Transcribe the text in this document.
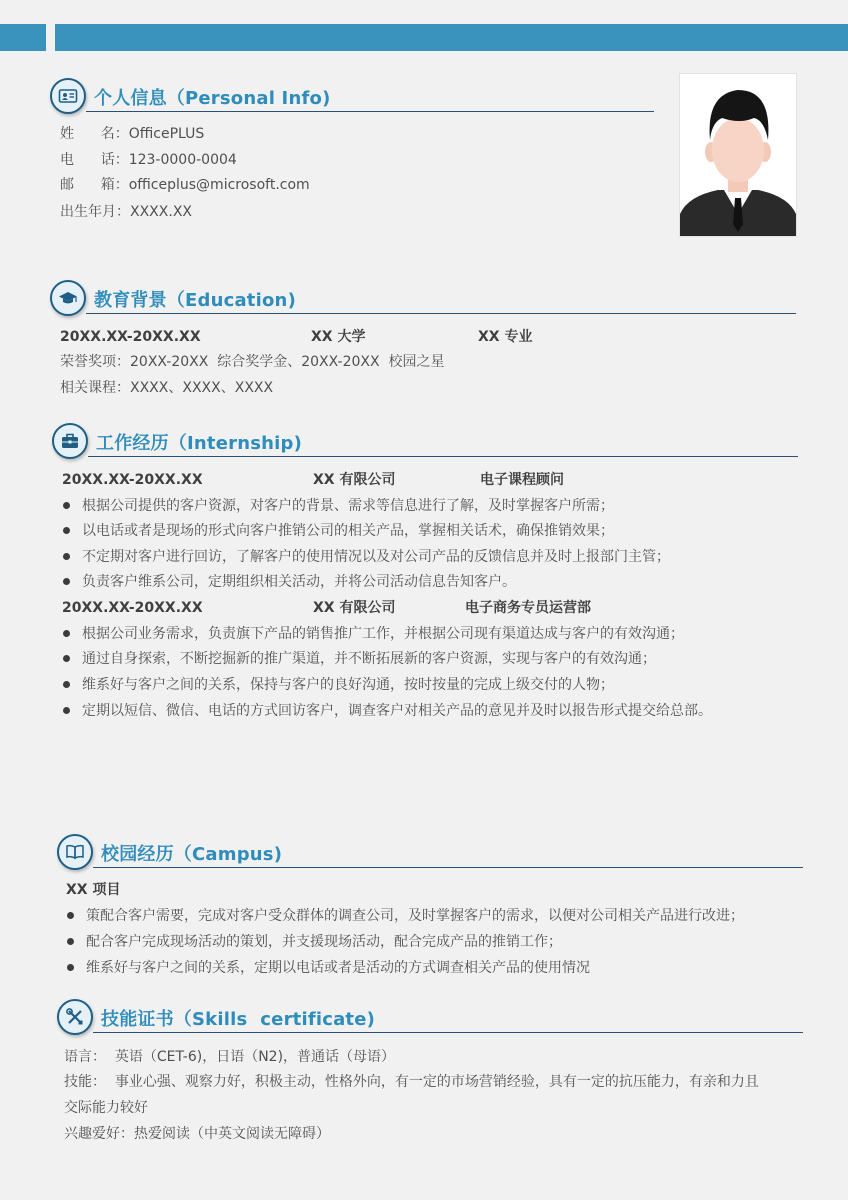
个人信息（Personal Info)
姓      名：OfficePLUS
电      话：123-0000-0004
邮      箱：officeplus@microsoft.com
出生年月：XXXX.XX
教育背景（Education)
20XX.XX-20XX.XX	XX 大学	XX 专业
荣誉奖项：20XX-20XX  综合奖学金、20XX-20XX  校园之星
相关课程：XXXX、XXXX、XXXX
工作经历（Internship)
20XX.XX-20XX.XX	XX 有限公司	电子课程顾问
根据公司提供的客户资源，对客户的背景、需求等信息进行了解，及时掌握客户所需；
以电话或者是现场的形式向客户推销公司的相关产品，掌握相关话术，确保推销效果；
不定期对客户进行回访，了解客户的使用情况以及对公司产品的反馈信息并及时上报部门主管；
负责客户维系公司，定期组织相关活动，并将公司活动信息告知客户。
20XX.XX-20XX.XX	XX 有限公司	电子商务专员运营部
根据公司业务需求，负责旗下产品的销售推广工作，并根据公司现有渠道达成与客户的有效沟通；
通过自身探索，不断挖掘新的推广渠道，并不断拓展新的客户资源，实现与客户的有效沟通；
维系好与客户之间的关系，保持与客户的良好沟通，按时按量的完成上级交付的人物；
定期以短信、微信、电话的方式回访客户，调查客户对相关产品的意见并及时以报告形式提交给总部。
校园经历（Campus)
XX 项目
策配合客户需要，完成对客户受众群体的调查公司，及时掌握客户的需求，以便对公司相关产品进行改进；
配合客户完成现场活动的策划，并支援现场活动，配合完成产品的推销工作；
维系好与客户之间的关系，定期以电话或者是活动的方式调查相关产品的使用情况
技能证书（Skills  certificate)
语言：  英语（CET-6)，日语（N2)，普通话（母语）
技能：  事业心强、观察力好，积极主动，性格外向，有一定的市场营销经验，具有一定的抗压能力，有亲和力且
交际能力较好
兴趣爱好：热爱阅读（中英文阅读无障碍）
